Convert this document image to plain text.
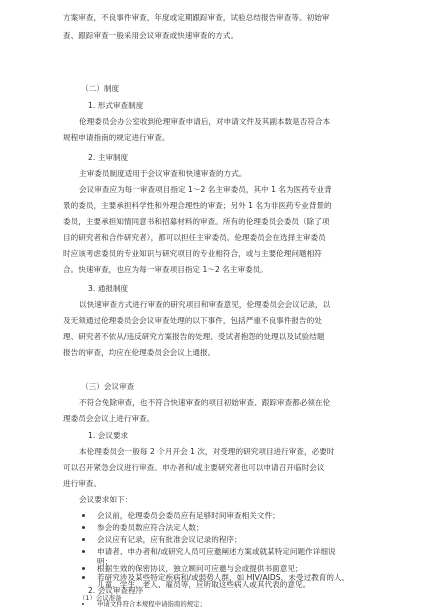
方案审查，不良事件审查，年度或定期跟踪审查，试验总结报告审查等。初始审
查、跟踪审查一般采用会议审查或快速审查的方式。
（二）制度
1. 形式审查制度
伦理委员会办公室收到伦理审查申请后，对申请文件及其副本数是否符合本
规程申请指南的规定进行审查。
2. 主审制度
主审委员制度适用于会议审查和快速审查的方式。
会议审查应为每一审查项目指定 1～2 名主审委员，其中 1 名为医药专业背
景的委员，主要承担科学性和外理合理性的审查；另外 1 名为非医药专业背景的
委员，主要承担知情同意书和招募材料的审查。所有的伦理委员会委员（除了项
目的研究者和合作研究者），都可以担任主审委员。伦理委员会在选择主审委员
时应该考虑委员的专业知识与研究项目的专业相符合，或与主要伦理问题相符
合。快速审查，也应为每一审查项目指定 1～2 名主审委员。
3. 通报制度
以快速审查方式进行审查的研究项目和审查意见，伦理委员会会议记录，以
及无须通过伦理委员会会议审查处理的以下事件，包括严重不良事件报告的处
理、研究者不依从/违反研究方案报告的处理、受试者抱怨的处理以及试验结题
报告的审查，均应在伦理委员会会议上通报。
（三）会议审查
不符合免除审查，也不符合快速审查的项目初始审查、跟踪审查都必须在伦
理委员会会议上进行审查。
1. 会议要求
本伦理委员会一般每 2 个月开会 1 次，对受理的研究项目进行审查，必要时
可以召开紧急会议进行审查。申办者和/或主要研究者也可以申请召开临时会议
进行审查。
会议要求如下：
会议前，伦理委员会委员应有足够时间审查相关文件；
参会的委员数应符合法定人数；
会议应有记录，应有批准会议记录的程序；
申请者、申办者和/或研究人员可应邀阐述方案或就某特定问题作详细说
明；
根据生效的保密协议，独立顾问可应邀与会或提供书面意见；
若研究涉及某些特定疾病和/或弱势人群，如 HIV/AIDS、未受过教育的人、
儿童、学生、老人、雇员等，应听取这些病人或其代表的意见。
2. 会议审查程序
（1）会议准备
申请文件符合本规程申请指南的规定；
